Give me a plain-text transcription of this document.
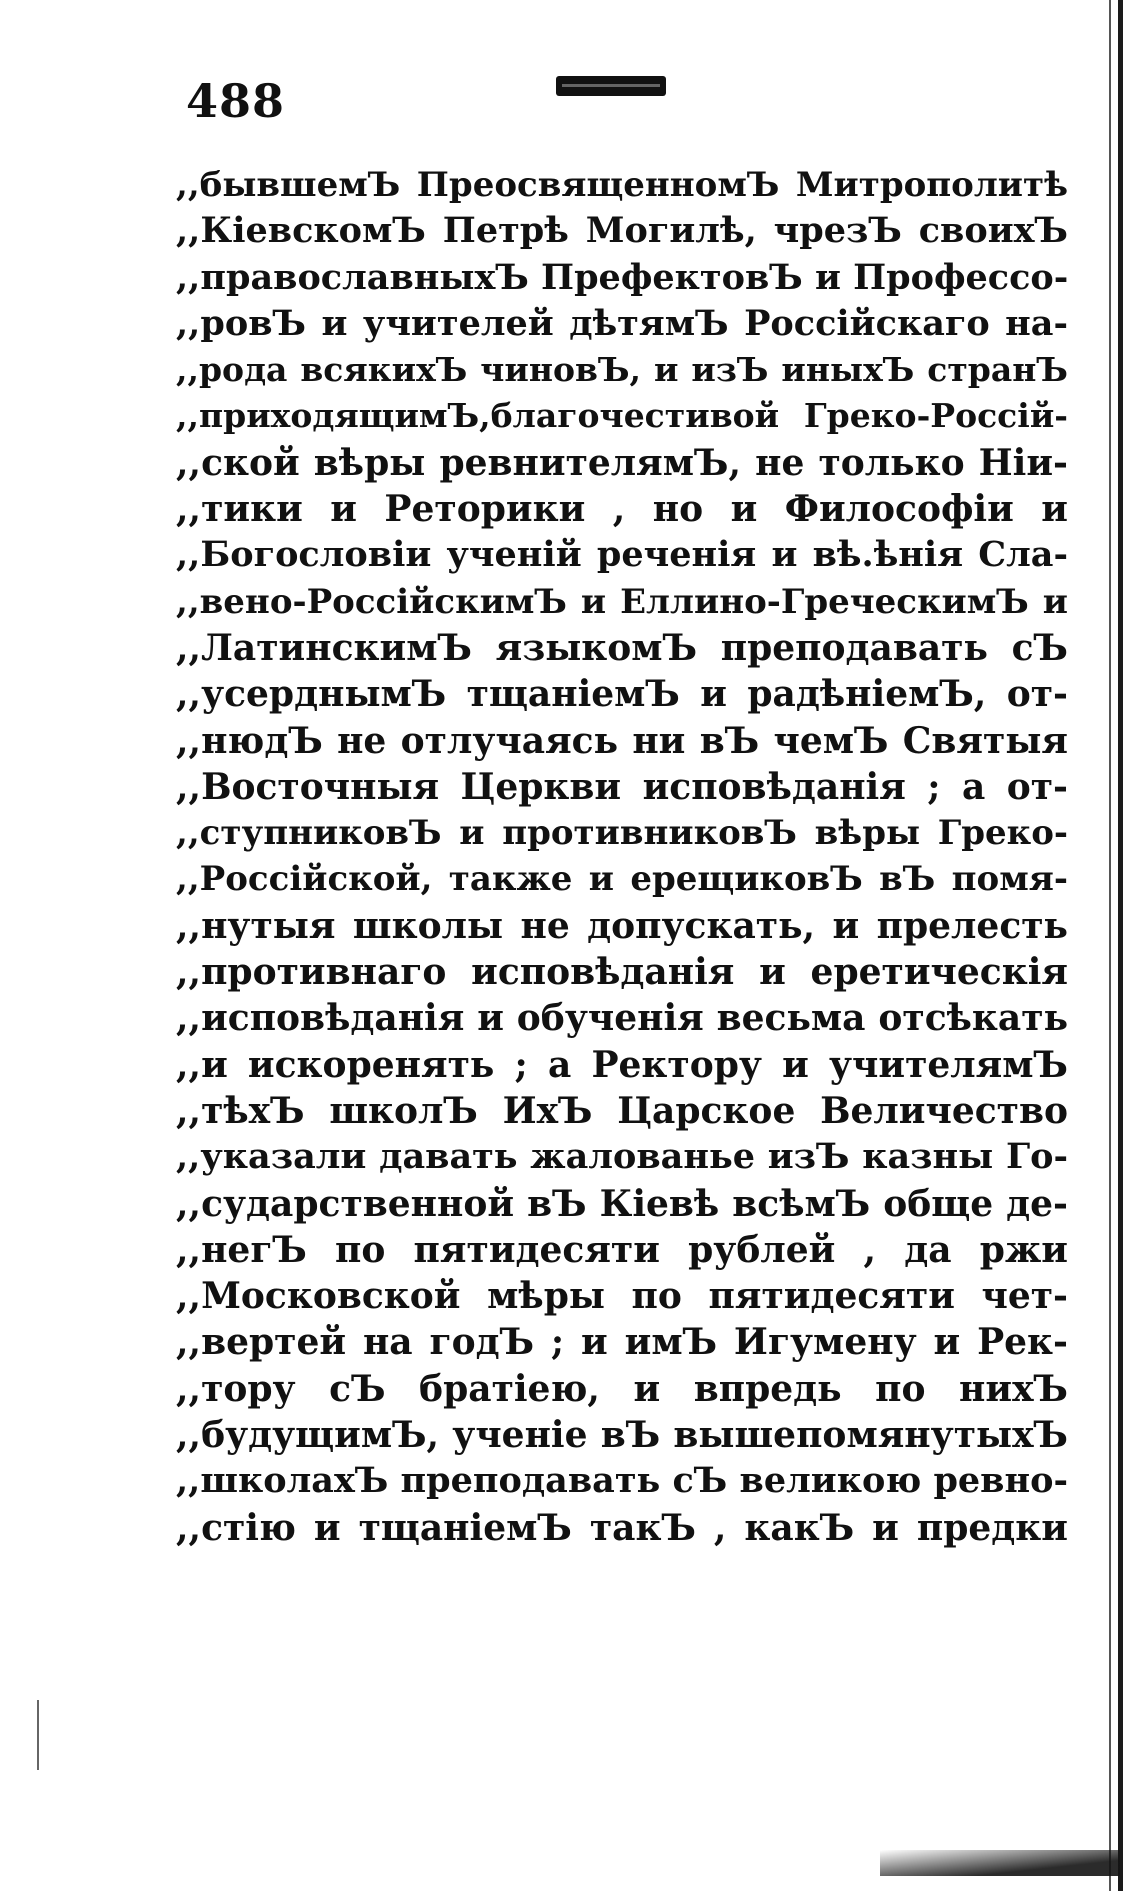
488
,,бывшемЪ ПреосвященномЪ Митрополитѣ
,,КіевскомЪ Петрѣ Могилѣ, чрезЪ своихЪ
,,православныхЪ ПрефектовЪ и Профессо-
,,ровЪ и учителей дѣтямЪ Россійскаго на-
,,рода всякихЪ чиновЪ, и изЪ иныхЪ странЪ
,,приходящимЪ,благочестивой Греко-Россій-
,,ской вѣры ревнителямЪ, не только Ніи-
,,тики и Реторики , но и Философіи и
,,Богословіи ученій реченія и вѣ.ѣнія Сла-
,,вено-РоссійскимЪ и Еллино-ГреческимЪ и
,,ЛатинскимЪ языкомЪ преподавать сЪ
,,усерднымЪ тщаніемЪ и радѣніемЪ, от-
,,нюдЪ не отлучаясь ни вЪ чемЪ Святыя
,,Восточныя Церкви исповѣданія ; а от-
,,ступниковЪ и противниковЪ вѣры Греко-
,,Россійской, также и ерещиковЪ вЪ помя-
,,нутыя школы не допускать, и прелесть
,,противнаго исповѣданія и еретическія
,,исповѣданія и обученія весьма отсѣкать
,,и искоренять ; а Ректору и учителямЪ
,,тѣхЪ школЪ ИхЪ Царское Величество
,,указали давать жалованье изЪ казны Го-
,,сударственной вЪ Кіевѣ всѣмЪ обще де-
,,негЪ по пятидесяти рублей , да ржи
,,Московской мѣры по пятидесяти чет-
,,вертей на годЪ ; и имЪ Игумену и Рек-
,,тору сЪ братіею, и впредь по нихЪ
,,будущимЪ, ученіе вЪ вышепомянутыхЪ
,,школахЪ преподавать сЪ великою ревно-
,,стію и тщаніемЪ такЪ , какЪ и предки
